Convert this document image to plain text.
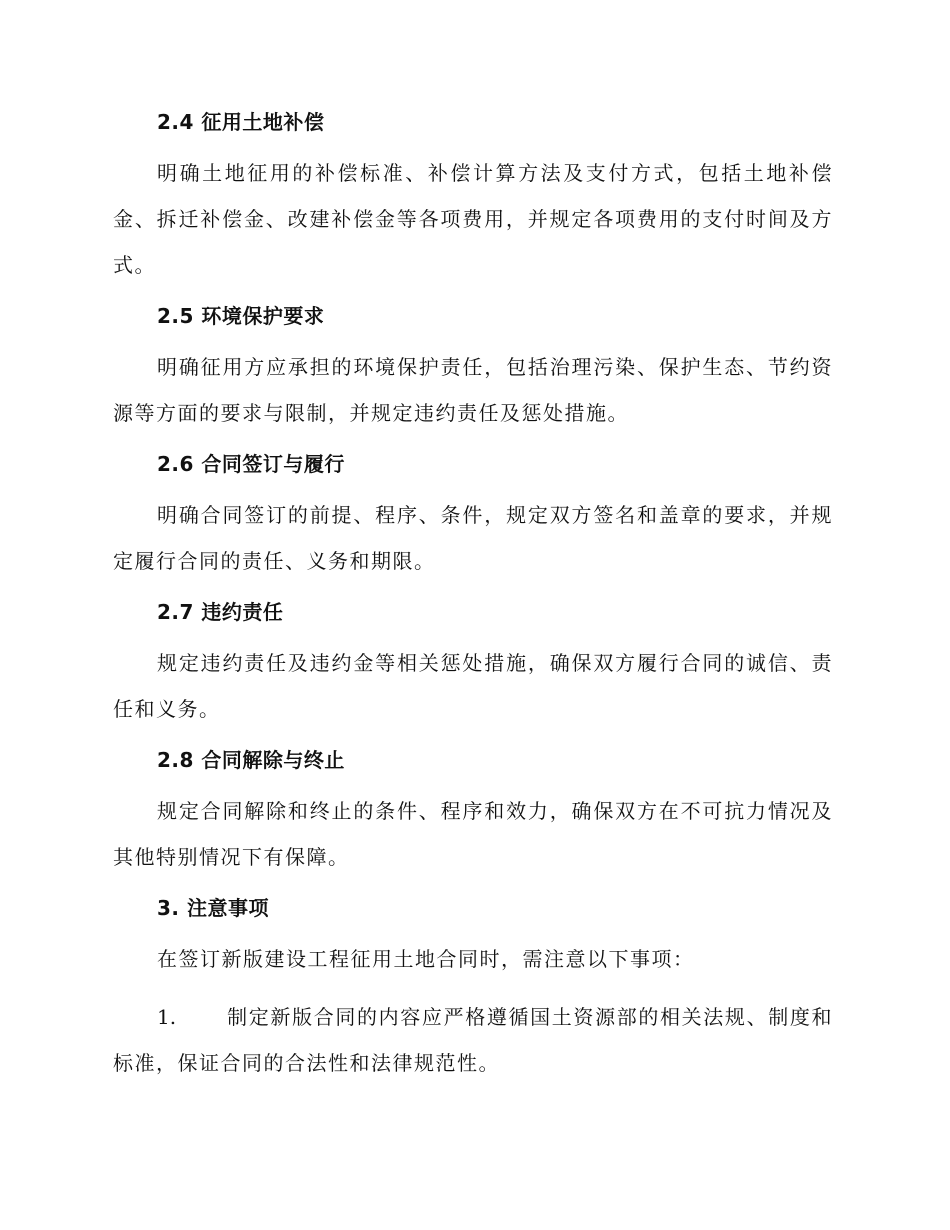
2.4 征用土地补偿

明确土地征用的补偿标准、补偿计算方法及支付方式，包括土地补偿金、拆迁补偿金、改建补偿金等各项费用，并规定各项费用的支付时间及方式。

2.5 环境保护要求

明确征用方应承担的环境保护责任，包括治理污染、保护生态、节约资源等方面的要求与限制，并规定违约责任及惩处措施。

2.6 合同签订与履行

明确合同签订的前提、程序、条件，规定双方签名和盖章的要求，并规定履行合同的责任、义务和期限。

2.7 违约责任

规定违约责任及违约金等相关惩处措施，确保双方履行合同的诚信、责任和义务。

2.8 合同解除与终止

规定合同解除和终止的条件、程序和效力，确保双方在不可抗力情况及其他特别情况下有保障。

3. 注意事项

在签订新版建设工程征用土地合同时，需注意以下事项：

1.	制定新版合同的内容应严格遵循国土资源部的相关法规、制度和标准，保证合同的合法性和法律规范性。
